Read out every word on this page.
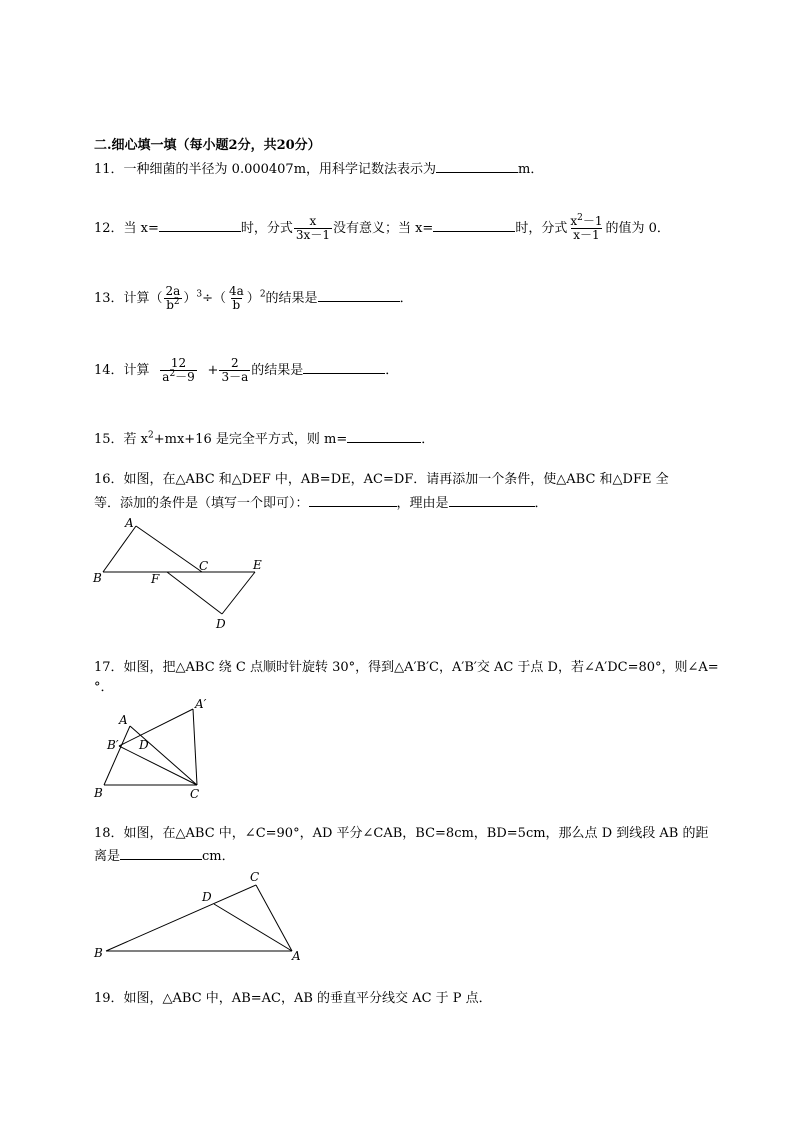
二.细心填一填（每小题2分，共20分）
11．一种细菌的半径为 0.000407m，用科学记数法表示为	m．
12．当 x=	时，分式 $\frac{x}{3x-1}$ 没有意义；当 x=	时，分式 $\frac{x^2-1}{x-1}$ 的值为 0．
13．计算（ $\frac{2a}{b^2} )^3\div( \frac{4a}{b} )^2$的结果是	．
14．计算 $\frac{12}{a^2-9} + \frac{2}{3-a}$ 的结果是	．
15．若 $x^2+mx+16$ 是完全平方式，则 m=	．
16．如图，在△ABC 和△DEF 中，AB=DE，AC=DF．请再添加一个条件，使△ABC 和△DFE 全
等．添加的条件是（填写一个即可）：	，理由是	．
A
B
C
D
E
F
A
A′
B
B′
C
D
B
C
D
A
17．如图，把△ABC 绕 C 点顺时针旋转 30°，得到△A′B′C，A′B′交 AC 于点 D，若∠A′DC=80°，则∠A=
°．
18．如图，在△ABC 中，∠C=90°，AD 平分∠CAB，BC=8cm，BD=5cm，那么点 D 到线段 AB 的距
离是	cm．
19．如图，△ABC 中，AB=AC，AB 的垂直平分线交 AC 于 P 点．
